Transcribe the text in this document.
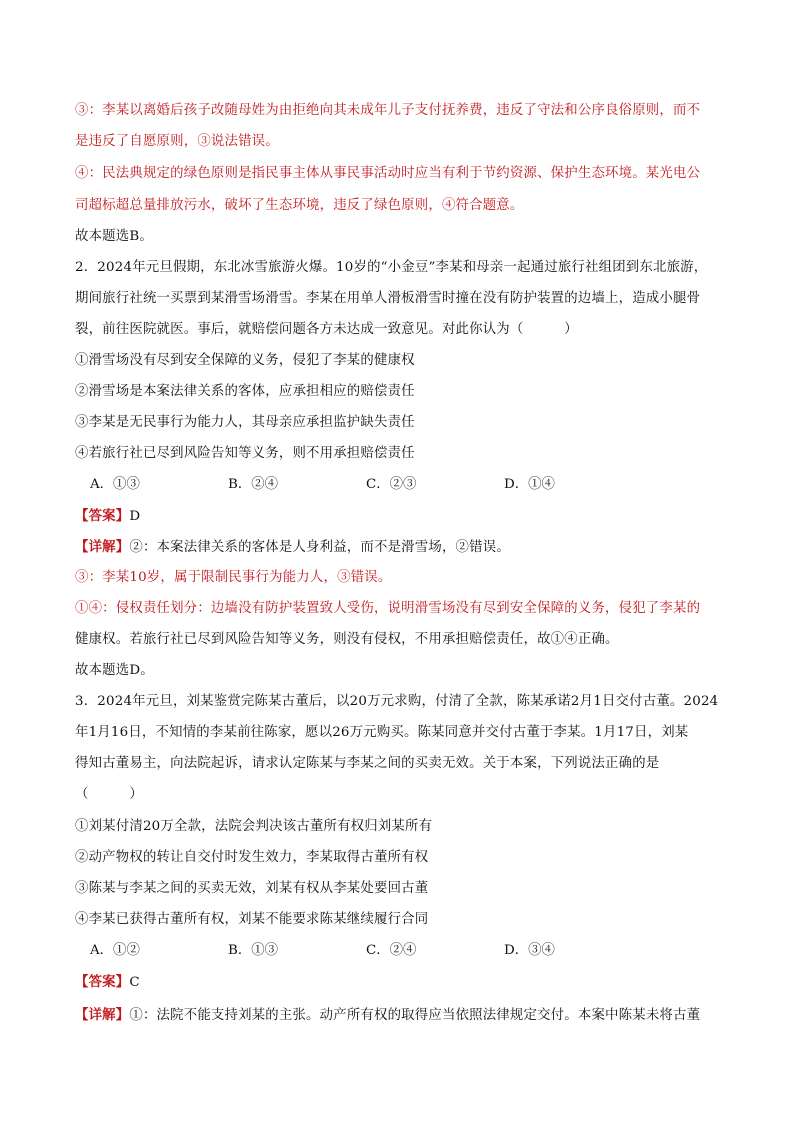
③：李某以离婚后孩子改随母姓为由拒绝向其未成年儿子支付抚养费，违反了守法和公序良俗原则，而不
是违反了自愿原则，③说法错误。
④：民法典规定的绿色原则是指民事主体从事民事活动时应当有利于节约资源、保护生态环境。某光电公
司超标超总量排放污水，破坏了生态环境，违反了绿色原则，④符合题意。
故本题选B。
2．2024年元旦假期，东北冰雪旅游火爆。10岁的“小金豆”李某和母亲一起通过旅行社组团到东北旅游，
期间旅行社统一买票到某滑雪场滑雪。李某在用单人滑板滑雪时撞在没有防护装置的边墙上，造成小腿骨
裂，前往医院就医。事后，就赔偿问题各方未达成一致意见。对此你认为（　　　）
①滑雪场没有尽到安全保障的义务，侵犯了李某的健康权
②滑雪场是本案法律关系的客体，应承担相应的赔偿责任
③李某是无民事行为能力人，其母亲应承担监护缺失责任
④若旅行社已尽到风险告知等义务，则不用承担赔偿责任
A．①③	B．②④	C．②③	D．①④
【答案】D
【详解】②：本案法律关系的客体是人身利益，而不是滑雪场，②错误。
③：李某10岁，属于限制民事行为能力人，③错误。
①④：侵权责任划分：边墙没有防护装置致人受伤，说明滑雪场没有尽到安全保障的义务，侵犯了李某的
健康权。若旅行社已尽到风险告知等义务，则没有侵权，不用承担赔偿责任，故①④正确。
故本题选D。
3．2024年元旦，刘某鉴赏完陈某古董后，以20万元求购，付清了全款，陈某承诺2月1日交付古董。2024
年1月16日，不知情的李某前往陈家，愿以26万元购买。陈某同意并交付古董于李某。1月17日，刘某
得知古董易主，向法院起诉，请求认定陈某与李某之间的买卖无效。关于本案，下列说法正确的是
（　　　）
①刘某付清20万全款，法院会判决该古董所有权归刘某所有
②动产物权的转让自交付时发生效力，李某取得古董所有权
③陈某与李某之间的买卖无效，刘某有权从李某处要回古董
④李某已获得古董所有权，刘某不能要求陈某继续履行合同
A．①②	B．①③	C．②④	D．③④
【答案】C
【详解】①：法院不能支持刘某的主张。动产所有权的取得应当依照法律规定交付。本案中陈某未将古董
